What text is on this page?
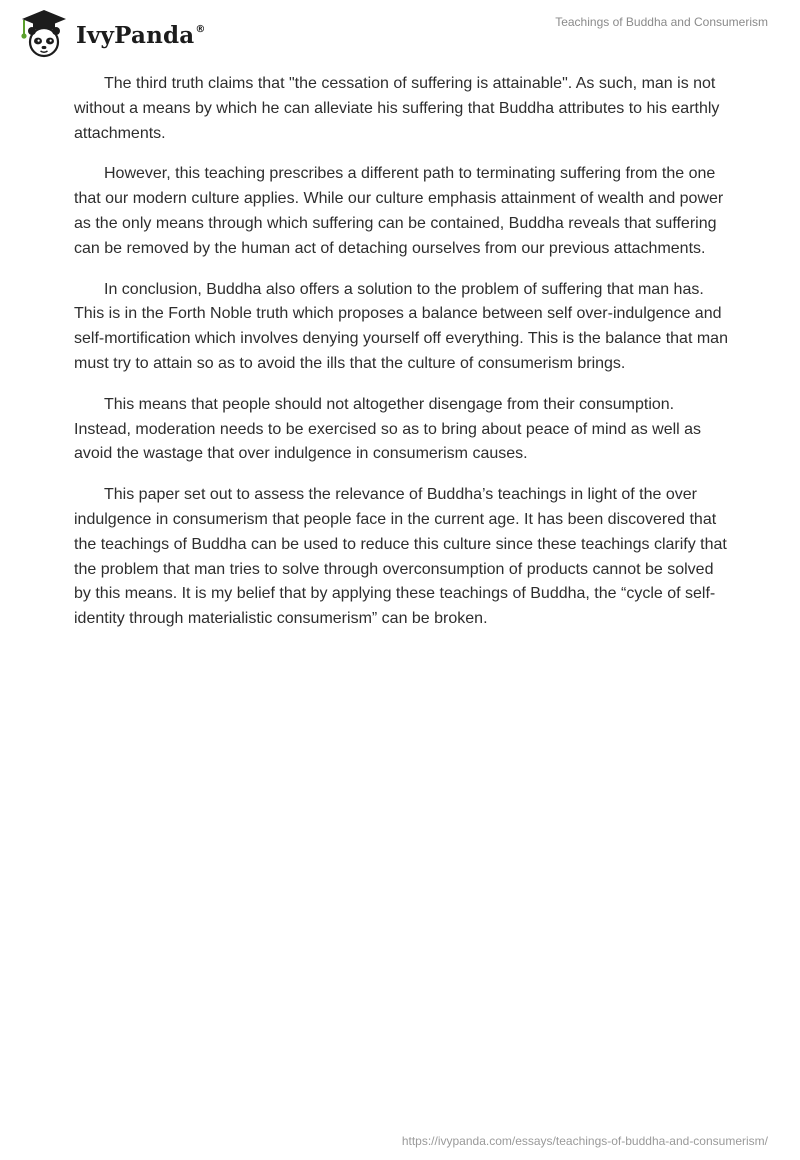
IvyPanda®
Teachings of Buddha and Consumerism

The third truth claims that "the cessation of suffering is attainable". As such, man is not without a means by which he can alleviate his suffering that Buddha attributes to his earthly attachments.

However, this teaching prescribes a different path to terminating suffering from the one that our modern culture applies. While our culture emphasis attainment of wealth and power as the only means through which suffering can be contained, Buddha reveals that suffering can be removed by the human act of detaching ourselves from our previous attachments.

In conclusion, Buddha also offers a solution to the problem of suffering that man has. This is in the Forth Noble truth which proposes a balance between self over-indulgence and self-mortification which involves denying yourself off everything. This is the balance that man must try to attain so as to avoid the ills that the culture of consumerism brings.

This means that people should not altogether disengage from their consumption. Instead, moderation needs to be exercised so as to bring about peace of mind as well as avoid the wastage that over indulgence in consumerism causes.

This paper set out to assess the relevance of Buddha’s teachings in light of the over indulgence in consumerism that people face in the current age. It has been discovered that the teachings of Buddha can be used to reduce this culture since these teachings clarify that the problem that man tries to solve through overconsumption of products cannot be solved by this means. It is my belief that by applying these teachings of Buddha, the “cycle of self-identity through materialistic consumerism” can be broken.

https://ivypanda.com/essays/teachings-of-buddha-and-consumerism/
